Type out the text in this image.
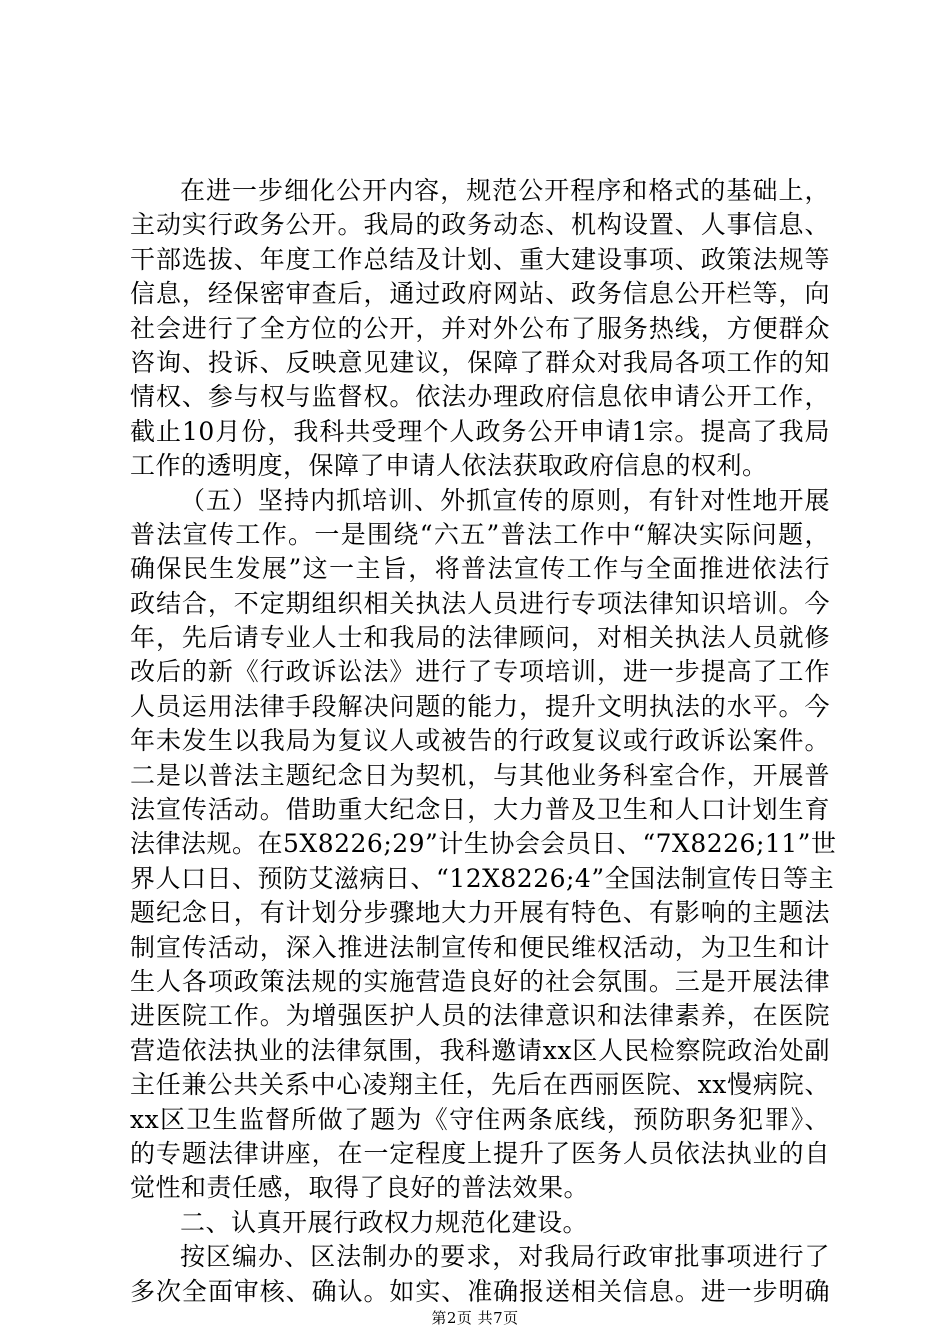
在进一步细化公开内容，规范公开程序和格式的基础上，
主动实行政务公开。我局的政务动态、机构设置、人事信息、
干部选拔、年度工作总结及计划、重大建设事项、政策法规等
信息，经保密审查后，通过政府网站、政务信息公开栏等，向
社会进行了全方位的公开，并对外公布了服务热线，方便群众
咨询、投诉、反映意见建议，保障了群众对我局各项工作的知
情权、参与权与监督权。依法办理政府信息依申请公开工作，
截止10月份，我科共受理个人政务公开申请1宗。提高了我局
工作的透明度，保障了申请人依法获取政府信息的权利。
（五）坚持内抓培训、外抓宣传的原则，有针对性地开展
普法宣传工作。一是围绕“六五”普法工作中“解决实际问题，
确保民生发展”这一主旨，将普法宣传工作与全面推进依法行
政结合，不定期组织相关执法人员进行专项法律知识培训。今
年，先后请专业人士和我局的法律顾问，对相关执法人员就修
改后的新《行政诉讼法》进行了专项培训，进一步提高了工作
人员运用法律手段解决问题的能力，提升文明执法的水平。今
年未发生以我局为复议人或被告的行政复议或行政诉讼案件。
二是以普法主题纪念日为契机，与其他业务科室合作，开展普
法宣传活动。借助重大纪念日，大力普及卫生和人口计划生育
法律法规。在5X8226;29”计生协会会员日、“7X8226;11”世
界人口日、预防艾滋病日、“12X8226;4”全国法制宣传日等主
题纪念日，有计划分步骤地大力开展有特色、有影响的主题法
制宣传活动，深入推进法制宣传和便民维权活动，为卫生和计
生人各项政策法规的实施营造良好的社会氛围。三是开展法律
进医院工作。为增强医护人员的法律意识和法律素养，在医院
营造依法执业的法律氛围，我科邀请xx区人民检察院政治处副
主任兼公共关系中心凌翔主任，先后在西丽医院、xx慢病院、
xx区卫生监督所做了题为《守住两条底线，预防职务犯罪》、
的专题法律讲座，在一定程度上提升了医务人员依法执业的自
觉性和责任感，取得了良好的普法效果。
二、认真开展行政权力规范化建设。
按区编办、区法制办的要求，对我局行政审批事项进行了
多次全面审核、确认。如实、准确报送相关信息。进一步明确
第2页 共7页
